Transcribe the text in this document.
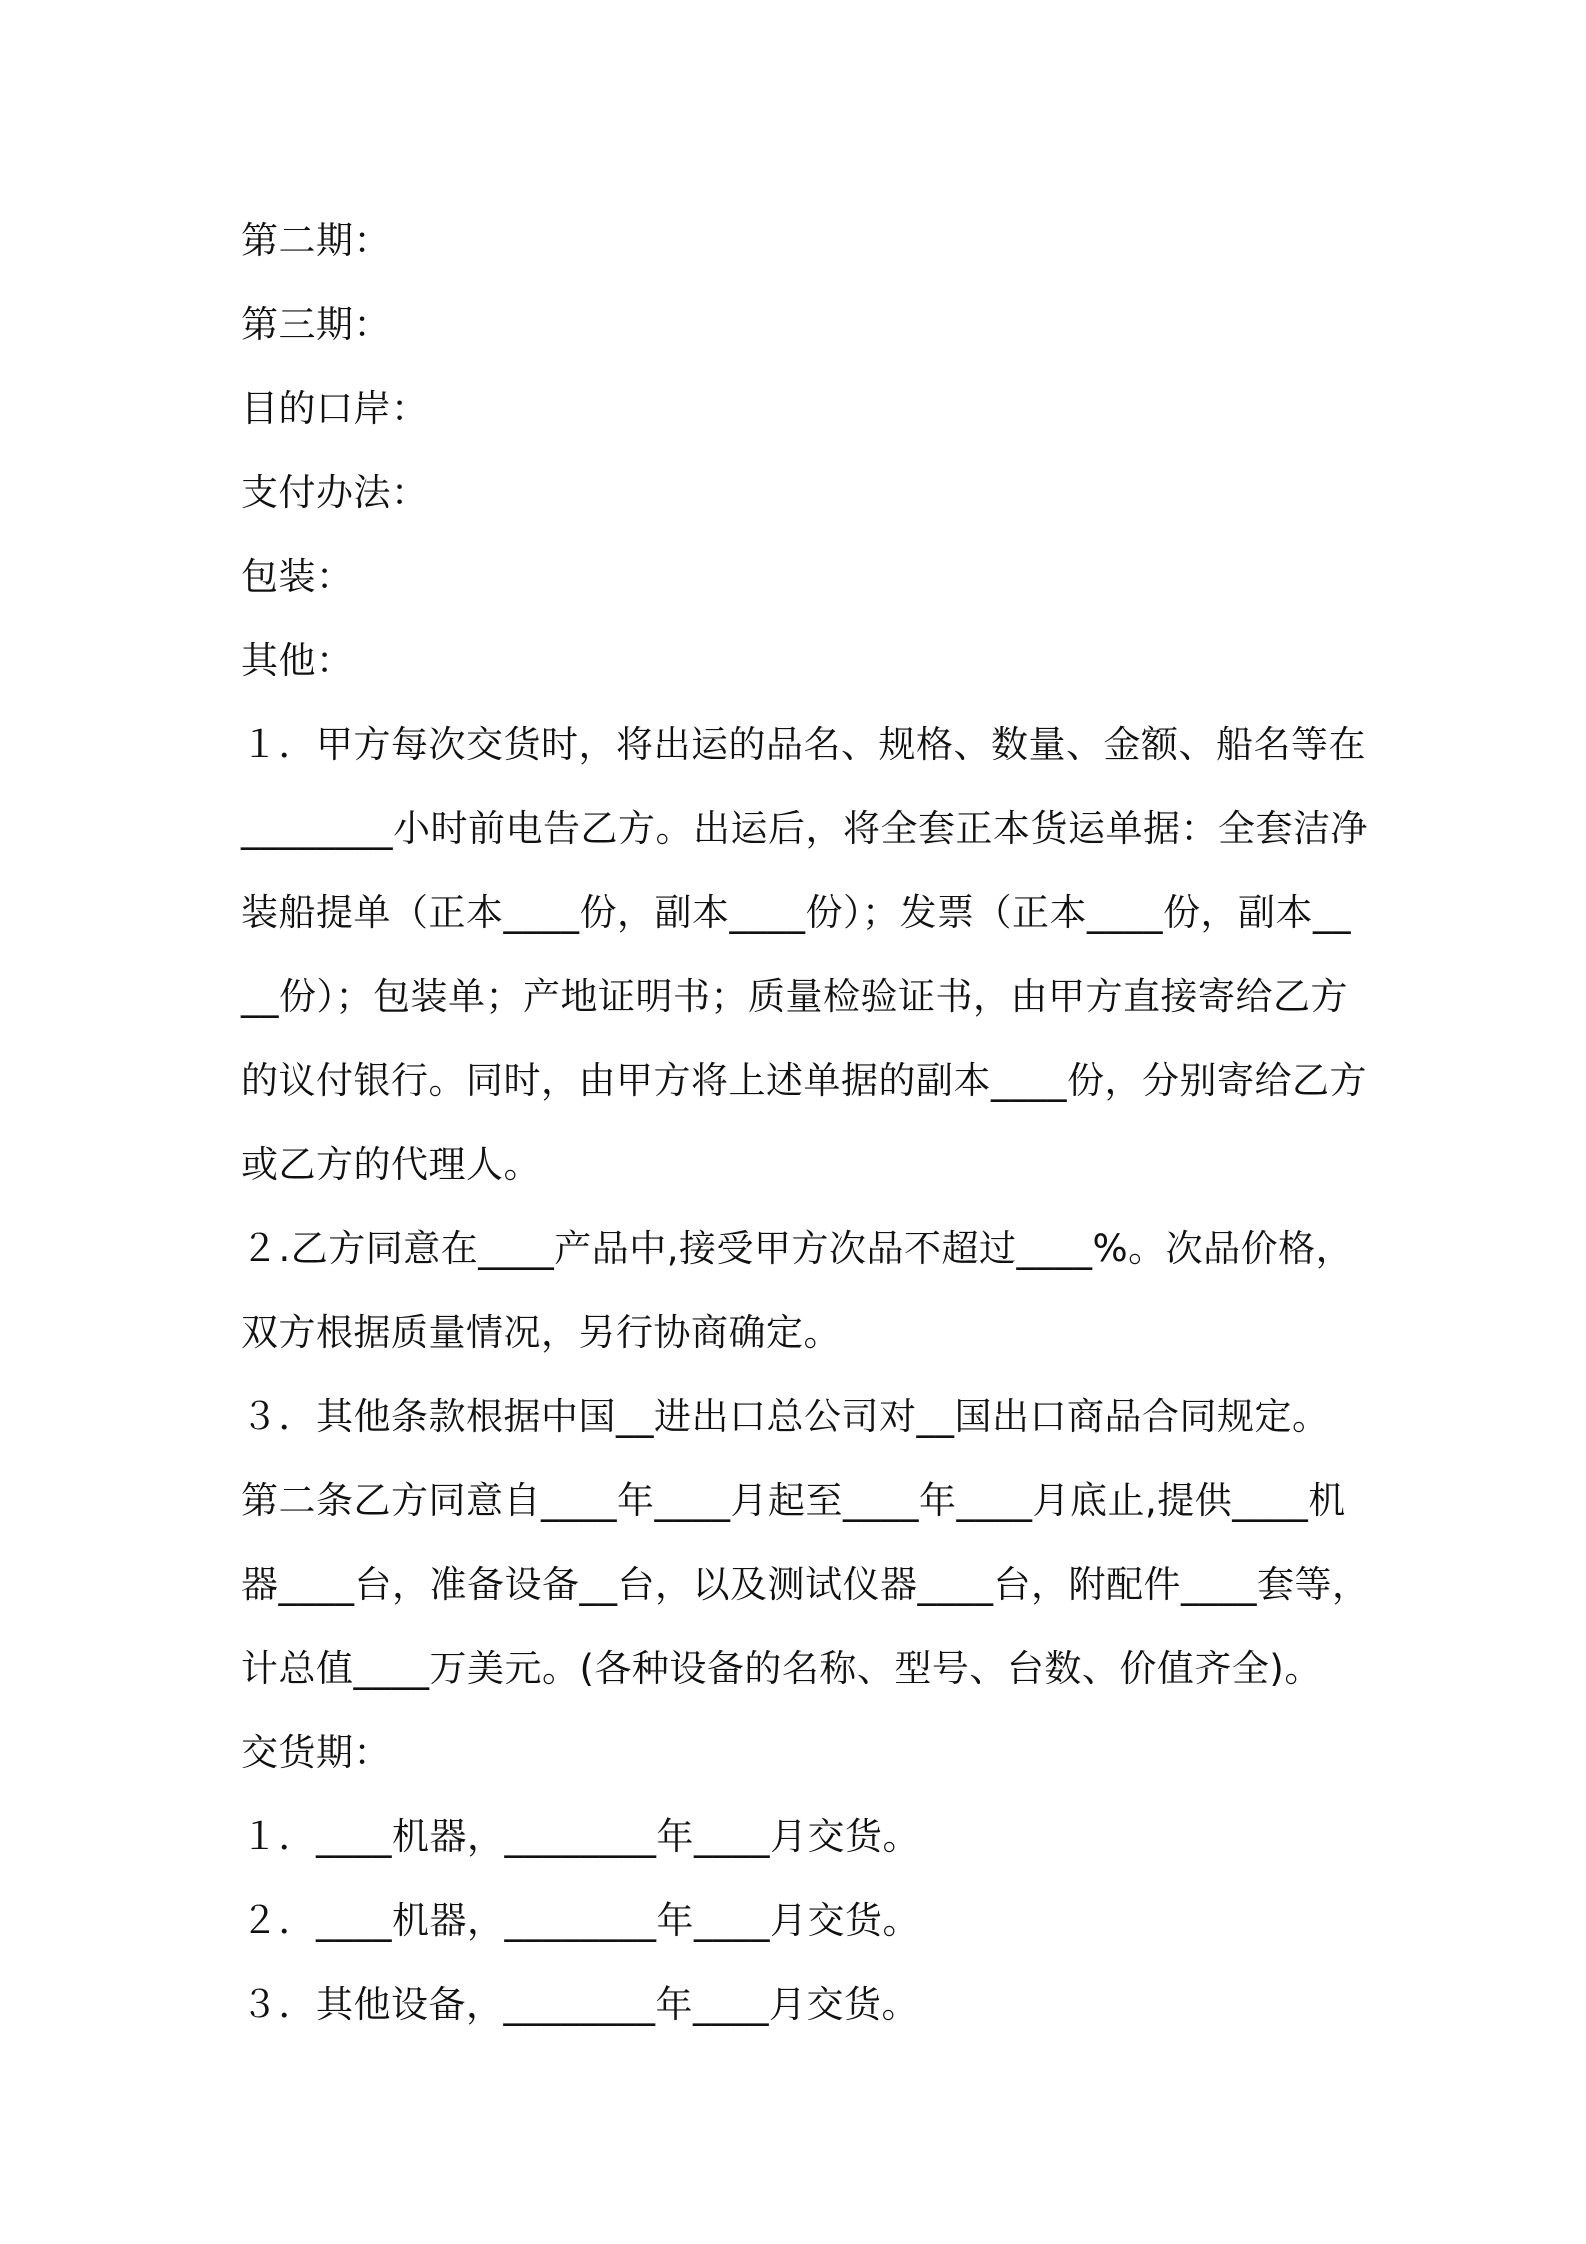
第二期：
第三期：
目的口岸：
支付办法：
包装：
其他：
１．甲方每次交货时，将出运的品名、规格、数量、金额、船名等在
________小时前电告乙方。出运后，将全套正本货运单据：全套洁净
装船提单（正本____份，副本____份）；发票（正本____份，副本__
__份）；包装单；产地证明书；质量检验证书，由甲方直接寄给乙方
的议付银行。同时，由甲方将上述单据的副本____份，分别寄给乙方
或乙方的代理人。
２.乙方同意在____产品中,接受甲方次品不超过____%。次品价格，
双方根据质量情况，另行协商确定。
３．其他条款根据中国__进出口总公司对__国出口商品合同规定。
第二条乙方同意自____年____月起至____年____月底止,提供____机
器____台，准备设备__台，以及测试仪器____台，附配件____套等，
计总值____万美元。(各种设备的名称、型号、台数、价值齐全)。
交货期：
１．____机器，________年____月交货。
２．____机器，________年____月交货。
３．其他设备，________年____月交货。
